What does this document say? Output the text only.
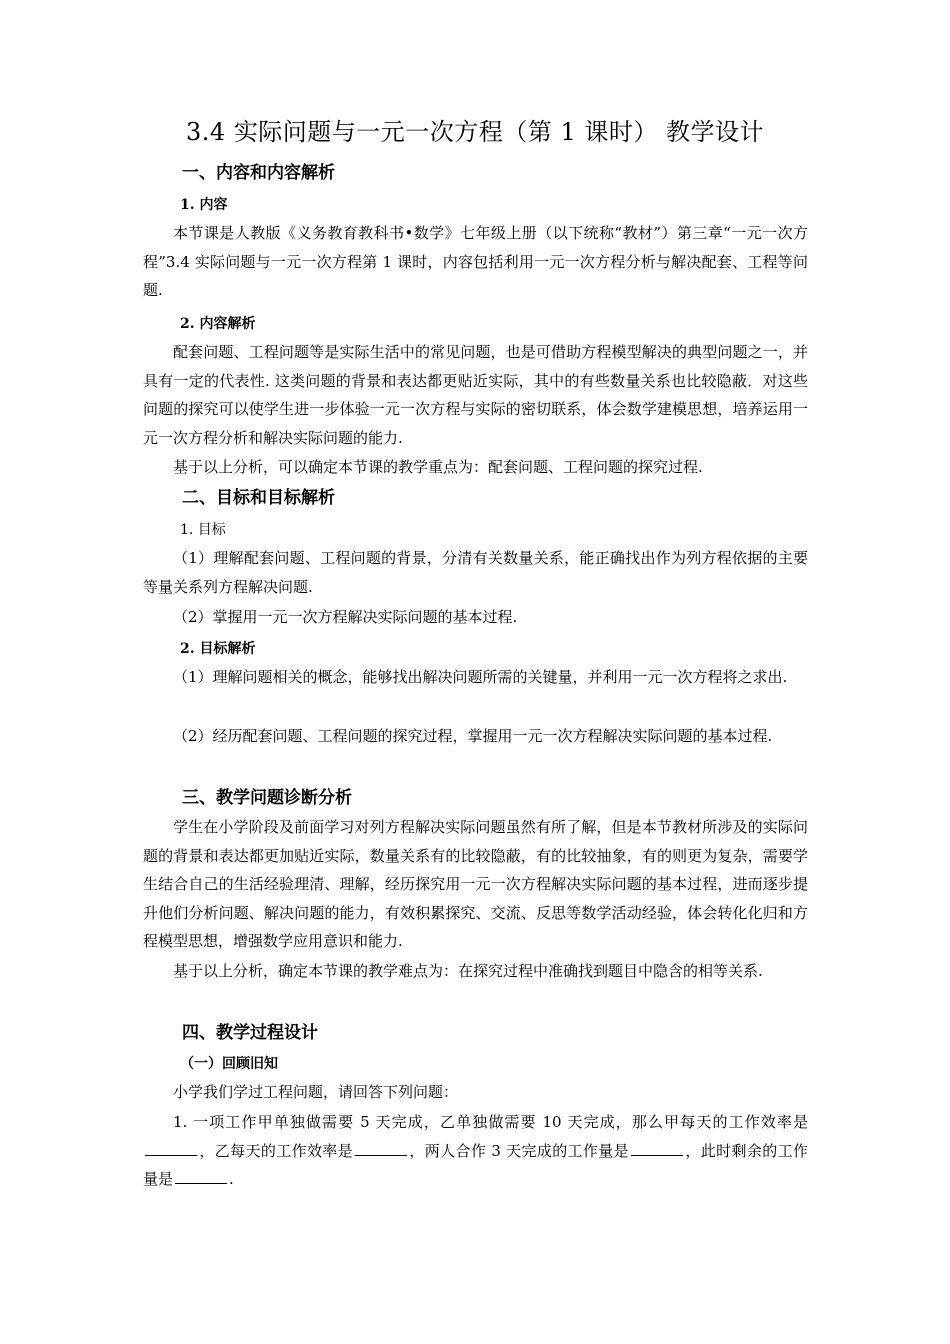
3.4 实际问题与一元一次方程（第 1 课时） 教学设计
一、内容和内容解析
1. 内容
本节课是人教版《义务教育教科书•数学》七年级上册（以下统称“教材”）第三章“一元一次方程”3.4 实际问题与一元一次方程第 1 课时，内容包括利用一元一次方程分析与解决配套、工程等问题.
2. 内容解析
配套问题、工程问题等是实际生活中的常见问题，也是可借助方程模型解决的典型问题之一，并具有一定的代表性. 这类问题的背景和表达都更贴近实际，其中的有些数量关系也比较隐蔽．对这些问题的探究可以使学生进一步体验一元一次方程与实际的密切联系，体会数学建模思想，培养运用一元一次方程分析和解决实际问题的能力.
基于以上分析，可以确定本节课的教学重点为：配套问题、工程问题的探究过程.
二、目标和目标解析
1. 目标
（1）理解配套问题、工程问题的背景，分清有关数量关系，能正确找出作为列方程依据的主要等量关系列方程解决问题.
（2）掌握用一元一次方程解决实际问题的基本过程.
2. 目标解析
（1）理解问题相关的概念，能够找出解决问题所需的关键量，并利用一元一次方程将之求出.
（2）经历配套问题、工程问题的探究过程，掌握用一元一次方程解决实际问题的基本过程.
三、教学问题诊断分析
学生在小学阶段及前面学习对列方程解决实际问题虽然有所了解，但是本节教材所涉及的实际问题的背景和表达都更加贴近实际，数量关系有的比较隐蔽，有的比较抽象，有的则更为复杂，需要学生结合自己的生活经验理清、理解，经历探究用一元一次方程解决实际问题的基本过程，进而逐步提升他们分析问题、解决问题的能力，有效积累探究、交流、反思等数学活动经验，体会转化化归和方程模型思想，增强数学应用意识和能力.
基于以上分析，确定本节课的教学难点为：在探究过程中准确找到题目中隐含的相等关系.
四、教学过程设计
（一）回顾旧知
小学我们学过工程问题，请回答下列问题：
1. 一项工作甲单独做需要 5 天完成，乙单独做需要 10 天完成，那么甲每天的工作效率是，乙每天的工作效率是	，两人合作 3 天完成的工作量是	，此时剩余的工作量是	.
